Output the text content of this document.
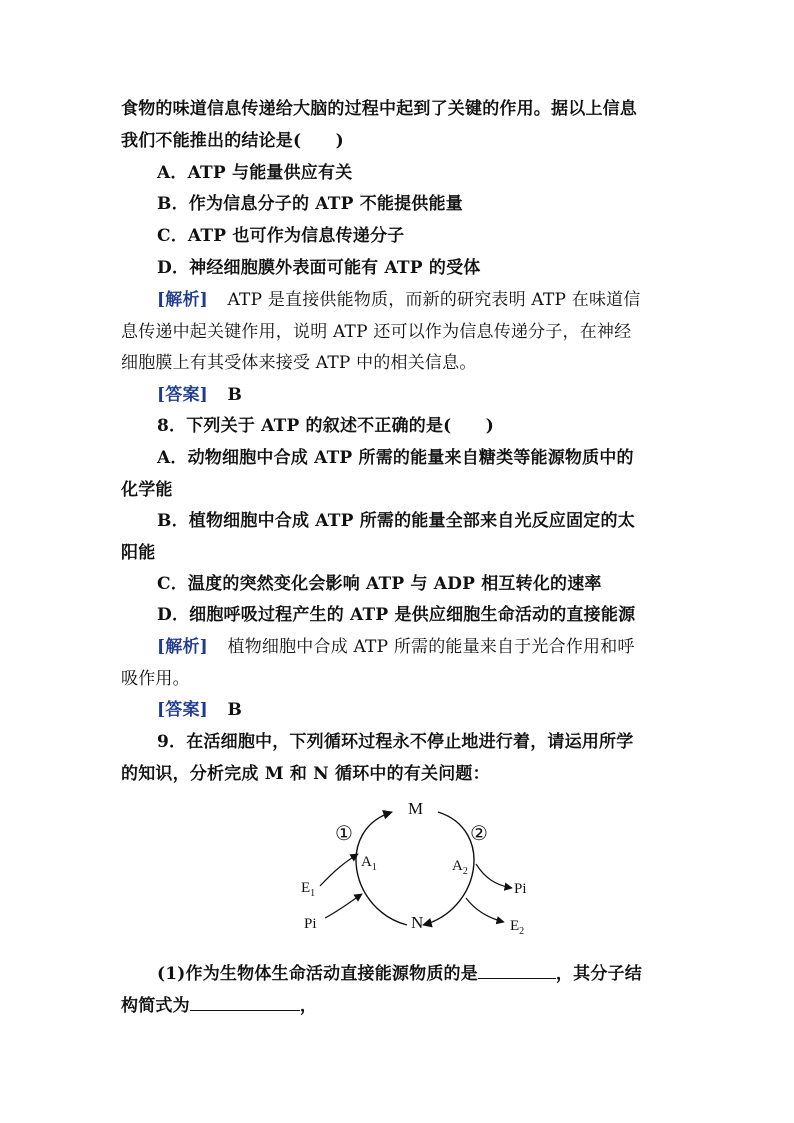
食物的味道信息传递给大脑的过程中起到了关键的作用。据以上信息
我们不能推出的结论是(　　)
A．ATP 与能量供应有关
B．作为信息分子的 ATP 不能提供能量
C．ATP 也可作为信息传递分子
D．神经细胞膜外表面可能有 ATP 的受体
[解析] ATP 是直接供能物质，而新的研究表明 ATP 在味道信
息传递中起关键作用，说明 ATP 还可以作为信息传递分子，在神经
细胞膜上有其受体来接受 ATP 中的相关信息。
[答案] B
8．下列关于 ATP 的叙述不正确的是(　　)
A．动物细胞中合成 ATP 所需的能量来自糖类等能源物质中的
化学能
B．植物细胞中合成 ATP 所需的能量全部来自光反应固定的太
阳能
C．温度的突然变化会影响 ATP 与 ADP 相互转化的速率
D．细胞呼吸过程产生的 ATP 是供应细胞生命活动的直接能源
[解析] 植物细胞中合成 ATP 所需的能量来自于光合作用和呼
吸作用。
[答案] B
9．在活细胞中，下列循环过程永不停止地进行着，请运用所学
的知识，分析完成 M 和 N 循环中的有关问题：
M
N
①	②
$A_1$	$A_2$
$E_1$
Pi
Pi
$E_2$
(1)作为生物体生命活动直接能源物质的是	，其分子结
构简式为	，
